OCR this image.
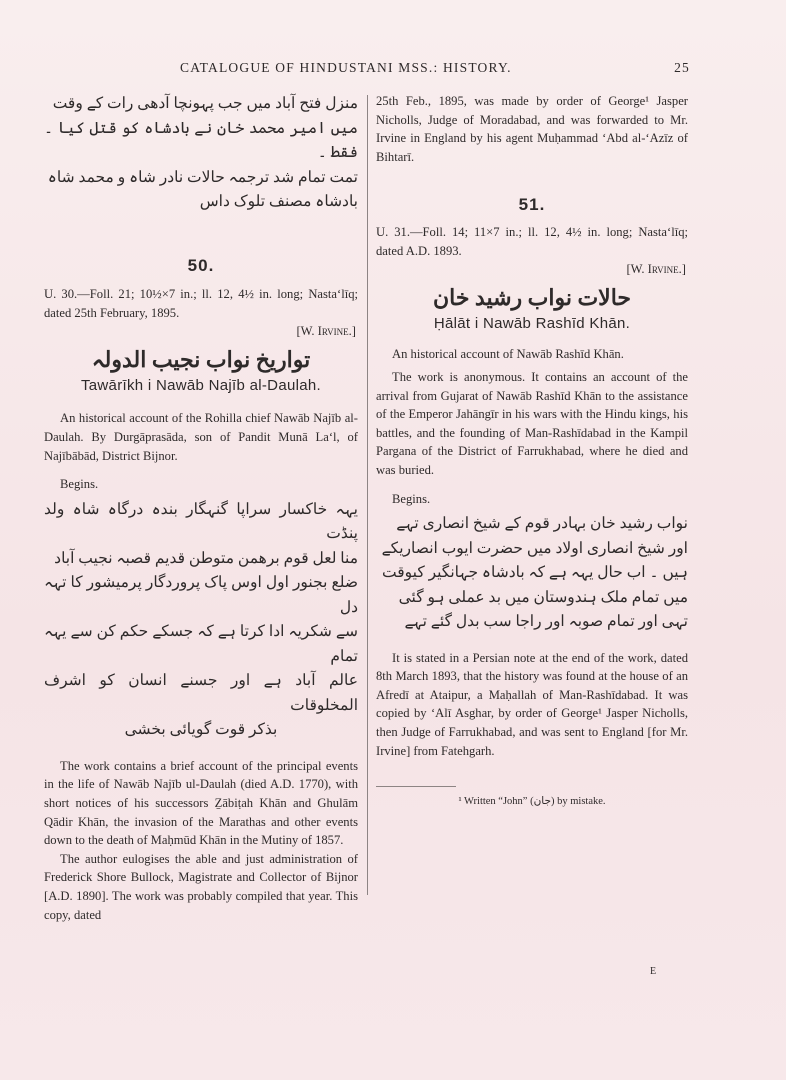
CATALOGUE OF HINDUSTANI MSS.: HISTORY.	25
منزل فتح آباد میں جب پہونچا آدھی رات کے وقت
میں امیر محمد خان نے بادشاہ کو قتل کیا ۔ فقط ۔
تمت تمام شد ترجمہ حالات نادر شاہ و محمد شاہ
بادشاہ مصنف تلوک داس

50.

U. 30.—Foll. 21; 10½×7 in.; ll. 12, 4½ in. long; Nasta‘līq; dated 25th February, 1895.

[W. Irvine.]

تواریخ نواب نجیب الدولہ

Tawārīkh i Nawāb Najīb al-Daulah.

An historical account of the Rohilla chief Nawāb Najīb al-Daulah. By Durgāprasāda, son of Pandit Munā La‘l, of Najībābād, District Bijnor.

Begins.

یہہ خاکسار سراپا گنہگار بندہ درگاہ شاہ ولد پنڈت
منا لعل قوم برھمن متوطن قدیم قصبہ نجیب آباد
ضلع بجنور اول اوس پاک پروردگار پرمیشور کا تہہ دل
سے شکریہ ادا کرتا ہے کہ جسکے حکم کن سے یہہ تمام
عالم آباد ہے اور جسنے انسان کو اشرف المخلوقات
بذکر قوت گویائی بخشی

The work contains a brief account of the principal events in the life of Nawāb Najīb ul-Daulah (died A.D. 1770), with short notices of his successors Ẕābiṭah Khān and Ghulām Qādir Khān, the invasion of the Marathas and other events down to the death of Maḥmūd Khān in the Mutiny of 1857.

The author eulogises the able and just administration of Frederick Shore Bullock, Magistrate and Collector of Bijnor [A.D. 1890]. The work was probably compiled that year. This copy, dated

25th Feb., 1895, was made by order of George¹ Jasper Nicholls, Judge of Moradabad, and was forwarded to Mr. Irvine in England by his agent Muḥammad ‘Abd al-‘Azīz of Bihtarī.

51.

U. 31.—Foll. 14; 11×7 in.; ll. 12, 4½ in. long; Nasta‘līq; dated A.D. 1893.

[W. Irvine.]

حالات نواب رشید خان

Ḥālāt i Nawāb Rashīd Khān.

An historical account of Nawāb Rashīd Khān.

The work is anonymous. It contains an account of the arrival from Gujarat of Nawāb Rashīd Khān to the assistance of the Emperor Jahāngīr in his wars with the Hindu kings, his battles, and the founding of Man-Rashīdabad in the Kampil Pargana of the District of Farrukhabad, where he died and was buried.

Begins.

نواب رشید خان بہادر قوم کے شیخ انصاری تہے
اور شیخ انصاری اولاد میں حضرت ایوب انصاریکے
ہیں ۔ اب حال یہہ ہے کہ بادشاہ جہانگیر کیوقت
میں تمام ملک ہندوستان میں بد عملی ہو گئی
تہی اور تمام صوبہ اور راجا سب بدل گئے تہے

It is stated in a Persian note at the end of the work, dated 8th March 1893, that the history was found at the house of an Afredī at Ataipur, a Maḥallah of Man-Rashīdabad. It was copied by ‘Alī Asghar, by order of George¹ Jasper Nicholls, then Judge of Farrukhabad, and was sent to England [for Mr. Irvine] from Fatehgarh.

¹ Written “John” (جان) by mistake.

E
